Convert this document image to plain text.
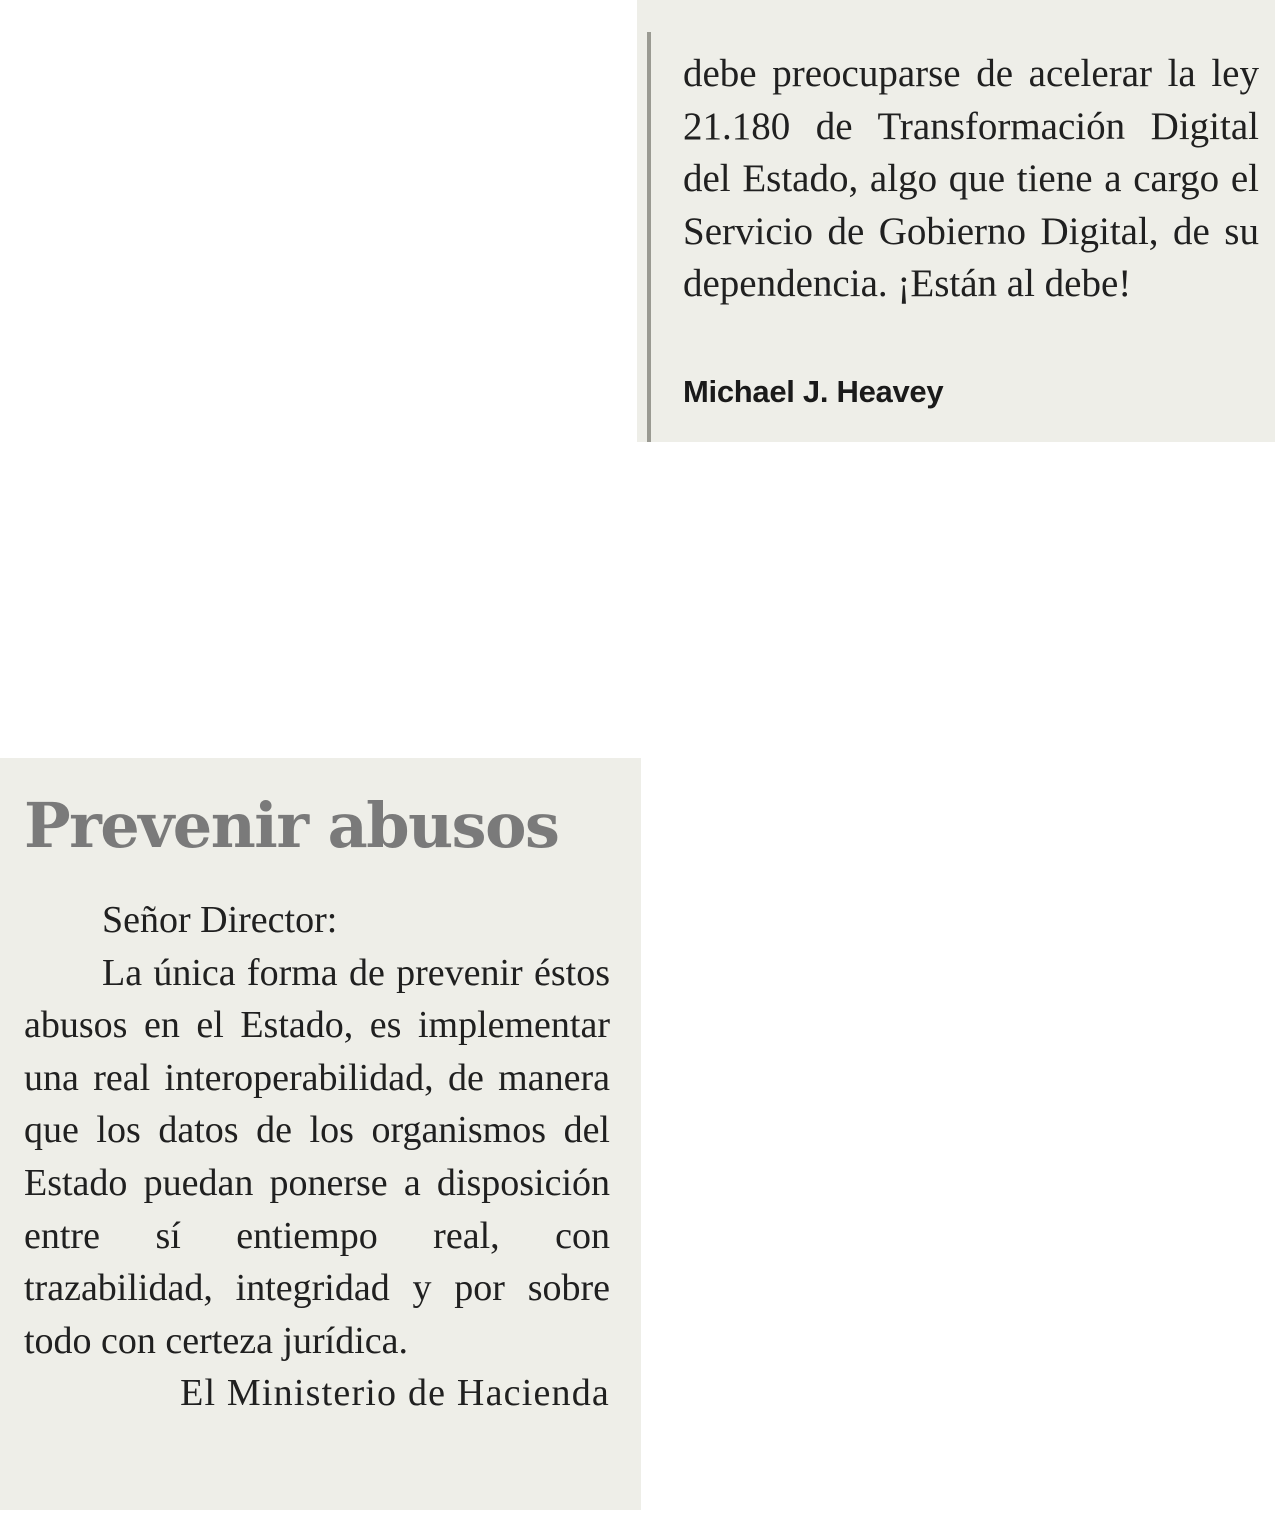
debe preocuparse de acelerar la ley 21.180 de Transformación Digital del Estado, algo que tiene a cargo el Servicio de Gobierno Digital, de su dependencia. ¡Están al debe!
Michael J. Heavey
Prevenir abusos

Señor Director:

La única forma de prevenir éstos abusos en el Estado, es implementar una real interoperabilidad, de manera que los datos de los organismos del Estado puedan ponerse a disposición entre sí entiempo real, con trazabilidad, integridad y por sobre todo con certeza jurídica.

El Ministerio de Hacienda
